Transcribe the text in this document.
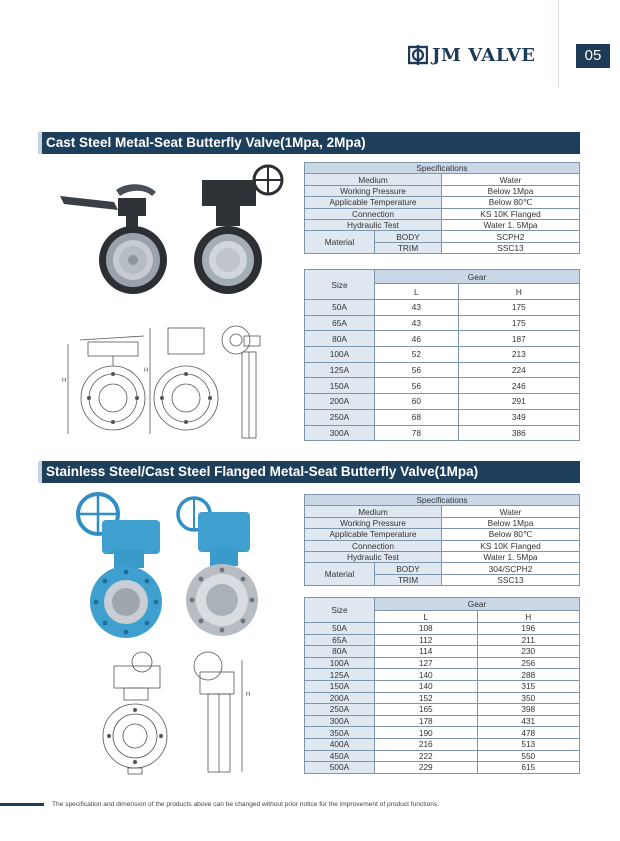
JM VALVE	05
Cast Steel Metal-Seat Butterfly Valve(1Mpa, 2Mpa)
H
H
Specifications		
Medium		Water
Working Pressure		Below 1Mpa
Applicable Temperature		Below 80℃
Connection		KS 10K Flanged
Hydraulic Test		Water 1. 5Mpa
Material	BODY	SCPH2
	TRIM	SSC13
Size	Gear	
	L	H
50A	43	175
65A	43	175
80A	46	187
100A	52	213
125A	56	224
150A	56	246
200A	60	291
250A	68	349
300A	78	386
Stainless Steel/Cast Steel Flanged Metal-Seat Butterfly Valve(1Mpa)
H
Specifications		
Medium		Water
Working Pressure		Below 1Mpa
Applicable Temperature		Below 80℃
Connection		KS 10K Flanged
Hydraulic Test		Water 1. 5Mpa
Material	BODY	304/SCPH2
	TRIM	SSC13
Size	Gear	
	L	H
50A	108	196
65A	112	211
80A	114	230
100A	127	256
125A	140	288
150A	140	315
200A	152	350
250A	165	398
300A	178	431
350A	190	478
400A	216	513
450A	222	550
500A	229	615
The specification and dimension of the products above can be changed without prior notice for the improvement of product functions.
